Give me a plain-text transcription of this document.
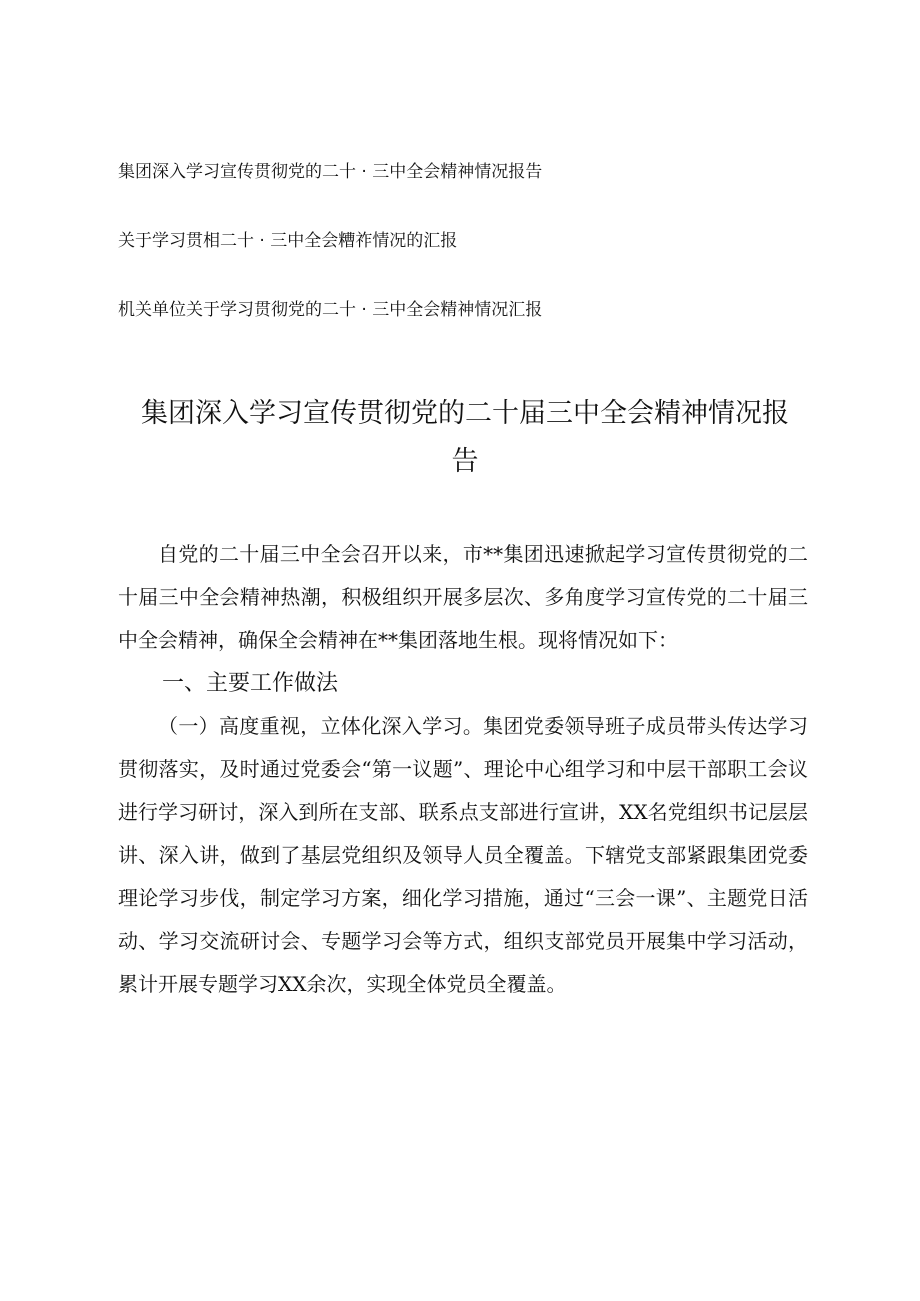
集团深入学习宣传贯彻党的二十 · 三中全会精神情况报告
关于学习贯相二十 · 三中全会糟祚情况的汇报
机关单位关于学习贯彻党的二十 · 三中全会精神情况汇报
集团深入学习宣传贯彻党的二十届三中全会精神情况报告

自党的二十届三中全会召开以来，市**集团迅速掀起学习宣传贯彻党的二十届三中全会精神热潮，积极组织开展多层次、多角度学习宣传党的二十届三中全会精神，确保全会精神在**集团落地生根。现将情况如下：

一、主要工作做法

（一）高度重视，立体化深入学习。集团党委领导班子成员带头传达学习贯彻落实，及时通过党委会“第一议题”、理论中心组学习和中层干部职工会议进行学习研讨，深入到所在支部、联系点支部进行宣讲，XX名党组织书记层层讲、深入讲，做到了基层党组织及领导人员全覆盖。下辖党支部紧跟集团党委理论学习步伐，制定学习方案，细化学习措施，通过“三会一课”、主题党日活动、学习交流研讨会、专题学习会等方式，组织支部党员开展集中学习活动，累计开展专题学习XX余次，实现全体党员全覆盖。
